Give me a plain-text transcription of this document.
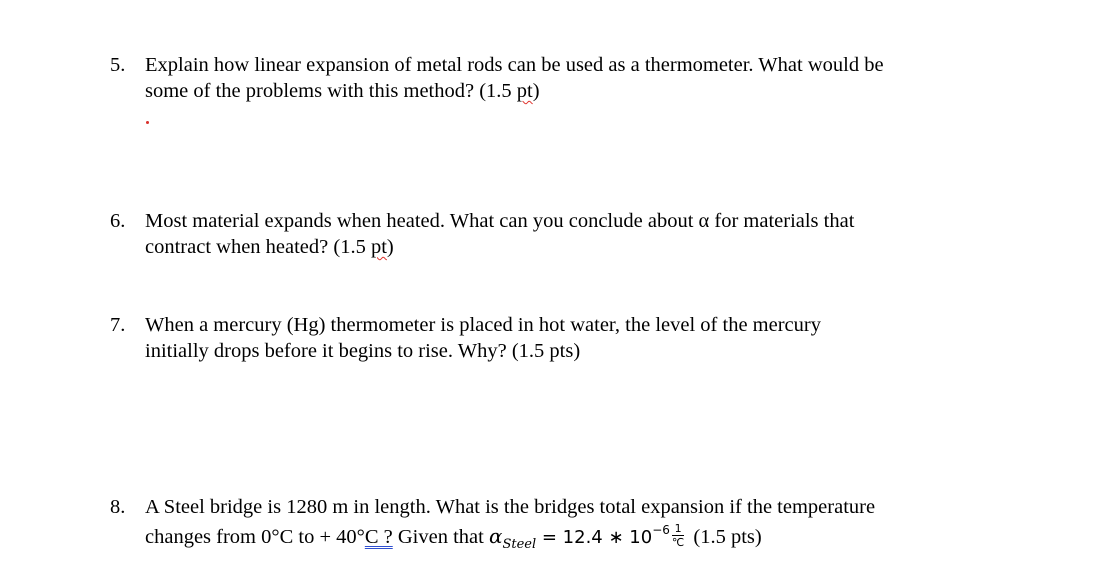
5. Explain how linear expansion of metal rods can be used as a thermometer. What would be
some of the problems with this method? (1.5 pt)
6. Most material expands when heated. What can you conclude about α for materials that
contract when heated? (1.5 pt)
7. When a mercury (Hg) thermometer is placed in hot water, the level of the mercury
initially drops before it begins to rise. Why? (1.5 pts)
8. A Steel bridge is 1280 m in length. What is the bridges total expansion if the temperature
changes from 0°C to + 40°C ? Given that $\alpha_{Steel} = 12.4$ ∗ $10^{-6} \frac{1}{℃} (1.5$ pts)
